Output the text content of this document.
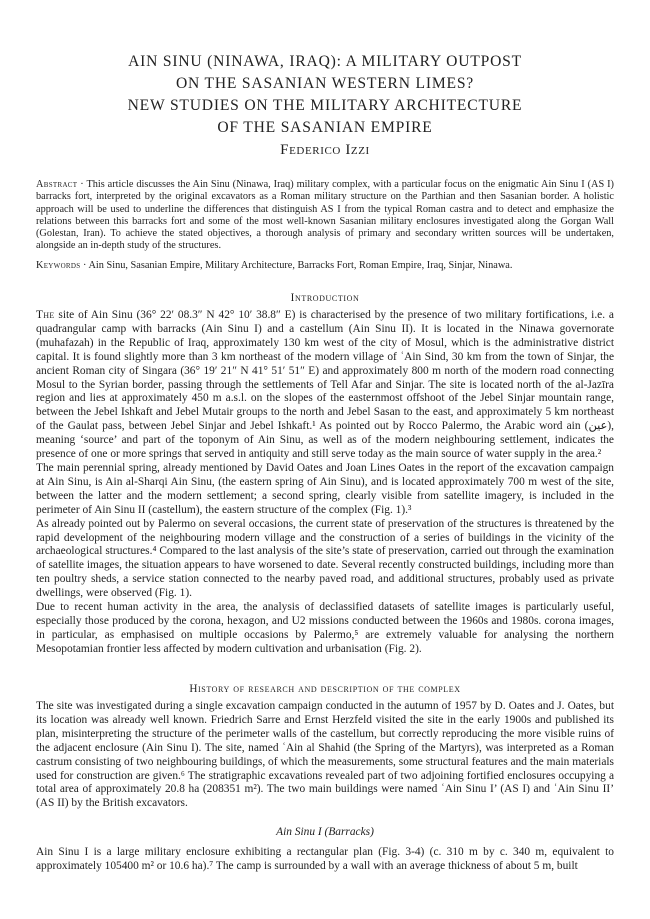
AIN SINU (NINAWA, IRAQ): A MILITARY OUTPOST
ON THE SASANIAN WESTERN LIMES?
NEW STUDIES ON THE MILITARY ARCHITECTURE
OF THE SASANIAN EMPIRE
Federico Izzi
Abstract · This article discusses the Ain Sinu (Ninawa, Iraq) military complex, with a particular focus on the enigmatic Ain Sinu I (AS I) barracks fort, interpreted by the original excavators as a Roman military structure on the Parthian and then Sasanian border. A holistic approach will be used to underline the differences that distinguish AS I from the typical Roman castra and to detect and emphasize the relations between this barracks fort and some of the most well-known Sasanian military enclosures investigated along the Gorgan Wall (Golestan, Iran). To achieve the stated objectives, a thorough analysis of primary and secondary written sources will be undertaken, alongside an in-depth study of the structures.
Keywords · Ain Sinu, Sasanian Empire, Military Architecture, Barracks Fort, Roman Empire, Iraq, Sinjar, Ninawa.
Introduction

The site of Ain Sinu (36° 22′ 08.3″ N 42° 10′ 38.8″ E) is characterised by the presence of two military fortifications, i.e. a quadrangular camp with barracks (Ain Sinu I) and a castellum (Ain Sinu II). It is located in the Ninawa governorate (muhafazah) in the Republic of Iraq, approximately 130 km west of the city of Mosul, which is the administrative district capital. It is found slightly more than 3 km northeast of the modern village of ʿAin Sind, 30 km from the town of Sinjar, the ancient Roman city of Singara (36° 19′ 21″ N 41° 51′ 51″ E) and approximately 800 m north of the modern road connecting Mosul to the Syrian border, passing through the settlements of Tell Afar and Sinjar. The site is located north of the al-Jazīra region and lies at approximately 450 m a.s.l. on the slopes of the easternmost offshoot of the Jebel Sinjar mountain range, between the Jebel Ishkaft and Jebel Mutair groups to the north and Jebel Sasan to the east, and approximately 5 km northeast of the Gaulat pass, between Jebel Sinjar and Jebel Ishkaft.¹ As pointed out by Rocco Palermo, the Arabic word ain (عين), meaning ‘source’ and part of the toponym of Ain Sinu, as well as of the modern neighbouring settlement, indicates the presence of one or more springs that served in antiquity and still serve today as the main source of water supply in the area.²

The main perennial spring, already mentioned by David Oates and Joan Lines Oates in the report of the excavation campaign at Ain Sinu, is Ain al-Sharqi Ain Sinu, (the eastern spring of Ain Sinu), and is located approximately 700 m west of the site, between the latter and the modern settlement; a second spring, clearly visible from satellite imagery, is included in the perimeter of Ain Sinu II (castellum), the eastern structure of the complex (Fig. 1).³

As already pointed out by Palermo on several occasions, the current state of preservation of the structures is threatened by the rapid development of the neighbouring modern village and the construction of a series of buildings in the vicinity of the archaeological structures.⁴ Compared to the last analysis of the site’s state of preservation, carried out through the examination of satellite images, the situation appears to have worsened to date. Several recently constructed buildings, including more than ten poultry sheds, a service station connected to the nearby paved road, and additional structures, probably used as private dwellings, were observed (Fig. 1).

Due to recent human activity in the area, the analysis of declassified datasets of satellite images is particularly useful, especially those produced by the corona, hexagon, and U2 missions conducted between the 1960s and 1980s. corona images, in particular, as emphasised on multiple occasions by Palermo,⁵ are extremely valuable for analysing the northern Mesopotamian frontier less affected by modern cultivation and urbanisation (Fig. 2).

History of research and description of the complex

The site was investigated during a single excavation campaign conducted in the autumn of 1957 by D. Oates and J. Oates, but its location was already well known. Friedrich Sarre and Ernst Herzfeld visited the site in the early 1900s and published its plan, misinterpreting the structure of the perimeter walls of the castellum, but correctly reproducing the more visible ruins of the adjacent enclosure (Ain Sinu I). The site, named ʿAin al Shahid (the Spring of the Martyrs), was interpreted as a Roman castrum consisting of two neighbouring buildings, of which the measurements, some structural features and the main materials used for construction are given.⁶ The stratigraphic excavations revealed part of two adjoining fortified enclosures occupying a total area of approximately 20.8 ha (208351 m²). The two main buildings were named ʿAin Sinu I’ (AS I) and ʿAin Sinu II’ (AS II) by the British excavators.

Ain Sinu I (Barracks)

Ain Sinu I is a large military enclosure exhibiting a rectangular plan (Fig. 3-4) (c. 310 m by c. 340 m, equivalent to approximately 105400 m² or 10.6 ha).⁷ The camp is surrounded by a wall with an average thickness of about 5 m, built
